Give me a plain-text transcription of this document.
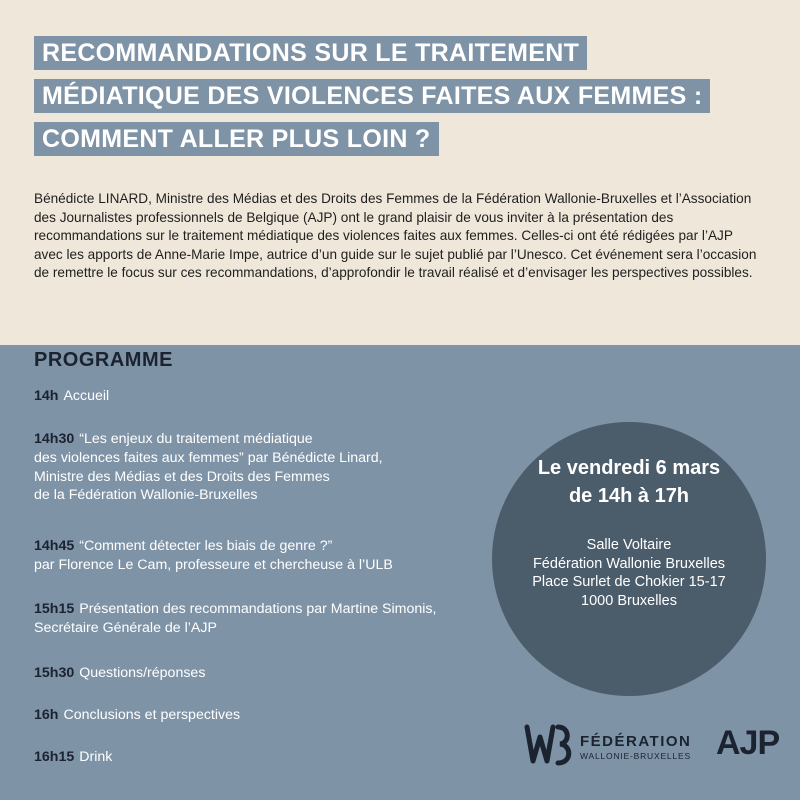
RECOMMANDATIONS SUR LE TRAITEMENT
MÉDIATIQUE DES VIOLENCES FAITES AUX FEMMES :
COMMENT ALLER PLUS LOIN ?

Bénédicte LINARD, Ministre des Médias et des Droits des Femmes de la Fédération Wallonie-Bruxelles et l’Association des Journalistes professionnels de Belgique (AJP) ont le grand plaisir de vous inviter à la présentation des recommandations sur le traitement médiatique des violences faites aux femmes. Celles-ci ont été rédigées par l’AJP avec les apports de Anne-Marie Impe, autrice d’un guide sur le sujet publié par l’Unesco. Cet événement sera l’occasion de remettre le focus sur ces recommandations, d’approfondir le travail réalisé et d’envisager les perspectives possibles.

PROGRAMME
14h Accueil
14h30 “Les enjeux du traitement médiatique
des violences faites aux femmes” par Bénédicte Linard,
Ministre des Médias et des Droits des Femmes
de la Fédération Wallonie-Bruxelles
14h45 “Comment détecter les biais de genre ?”
par Florence Le Cam, professeure et chercheuse à l’ULB
15h15 Présentation des recommandations par Martine Simonis,
Secrétaire Générale de l’AJP
15h30 Questions/réponses
16h Conclusions et perspectives
16h15 Drink
Le vendredi 6 mars
de 14h à 17h
Salle Voltaire
Fédération Wallonie Bruxelles
Place Surlet de Chokier 15-17
1000 Bruxelles
FÉDÉRATION
WALLONIE-BRUXELLES AJP
